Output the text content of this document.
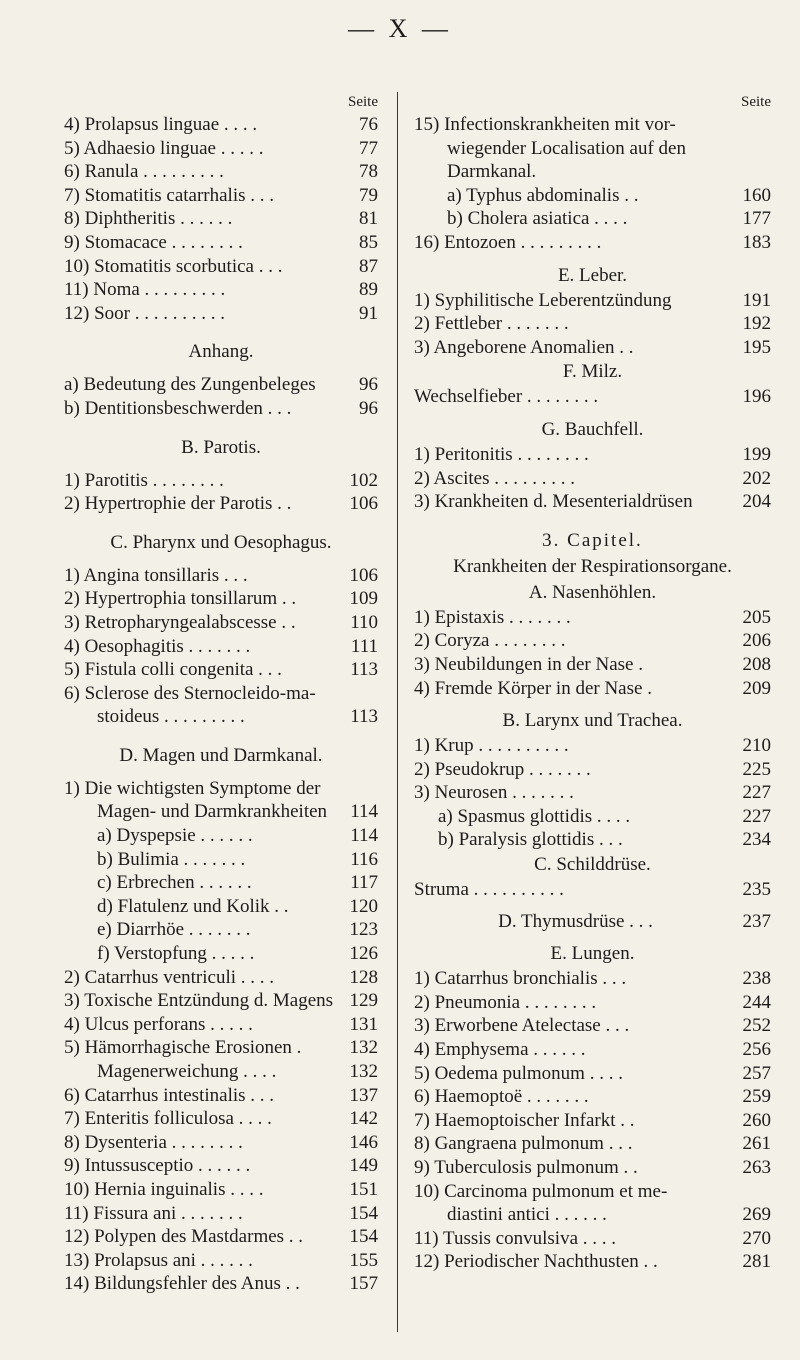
— X —
Seite
4) Prolapsus linguae . . . .	76
5) Adhaesio linguae . . . . .	77
6) Ranula . . . . . . . . .	78
7) Stomatitis catarrhalis . . .	79
8) Diphtheritis . . . . . .	81
9) Stomacace . . . . . . . .	85
10) Stomatitis scorbutica . . .	87
11) Noma . . . . . . . . .	89
12) Soor . . . . . . . . . .	91
Anhang.
a) Bedeutung des Zungenbeleges	96
b) Dentitionsbeschwerden . . .	96
B. Parotis.
1) Parotitis . . . . . . . .	102
2) Hypertrophie der Parotis . .	106
C. Pharynx und Oesophagus.
1) Angina tonsillaris . . .	106
2) Hypertrophia tonsillarum . .	109
3) Retropharyngealabscesse . .	110
4) Oesophagitis . . . . . . .	111
5) Fistula colli congenita . . .	113
6) Sclerose des Sternocleido-ma-
stoideus . . . . . . . . .	113
D. Magen und Darmkanal.
1) Die wichtigsten Symptome der
Magen- und Darmkrankheiten	114
a) Dyspepsie . . . . . .	114
b) Bulimia . . . . . . .	116
c) Erbrechen . . . . . .	117
d) Flatulenz und Kolik . .	120
e) Diarrhöe . . . . . . .	123
f) Verstopfung . . . . .	126
2) Catarrhus ventriculi . . . .	128
3) Toxische Entzündung d. Magens 129
4) Ulcus perforans . . . . .	131
5) Hämorrhagische Erosionen .	132
Magenerweichung . . . .	132
6) Catarrhus intestinalis . . .	137
7) Enteritis folliculosa . . . .	142
8) Dysenteria . . . . . . . .	146
9) Intussusceptio . . . . . .	149
10) Hernia inguinalis . . . .	151
11) Fissura ani . . . . . . .	154
12) Polypen des Mastdarmes . .	154
13) Prolapsus ani . . . . . .	155
14) Bildungsfehler des Anus . .	157
Seite
15) Infectionskrankheiten mit vor-
wiegender Localisation auf den
Darmkanal.
a) Typhus abdominalis . .	160
b) Cholera asiatica . . . .	177
16) Entozoen . . . . . . . . .	183
E. Leber.
1) Syphilitische Leberentzündung	191
2) Fettleber . . . . . . .	192
3) Angeborene Anomalien . .	195
F. Milz.
Wechselfieber . . . . . . . .	196
G. Bauchfell.
1) Peritonitis . . . . . . . .	199
2) Ascites . . . . . . . . .	202
3) Krankheiten d. Mesenterialdrüsen	204
3. Capitel.
Krankheiten der Respirationsorgane.
A. Nasenhöhlen.
1) Epistaxis . . . . . . .	205
2) Coryza . . . . . . . .	206
3) Neubildungen in der Nase .	208
4) Fremde Körper in der Nase .	209
B. Larynx und Trachea.
1) Krup . . . . . . . . . .	210
2) Pseudokrup . . . . . . .	225
3) Neurosen . . . . . . .	227
a) Spasmus glottidis . . . .	227
b) Paralysis glottidis . . .	234
C. Schilddrüse.
Struma . . . . . . . . . .	235
D. Thymusdrüse . . .	237
E. Lungen.
1) Catarrhus bronchialis . . .	238
2) Pneumonia . . . . . . . .	244
3) Erworbene Atelectase . . .	252
4) Emphysema . . . . . .	256
5) Oedema pulmonum . . . .	257
6) Haemoptoë . . . . . . .	259
7) Haemoptoischer Infarkt . .	260
8) Gangraena pulmonum . . .	261
9) Tuberculosis pulmonum . .	263
10) Carcinoma pulmonum et me-
diastini antici . . . . . .	269
11) Tussis convulsiva . . . .	270
12) Periodischer Nachthusten . .	281
